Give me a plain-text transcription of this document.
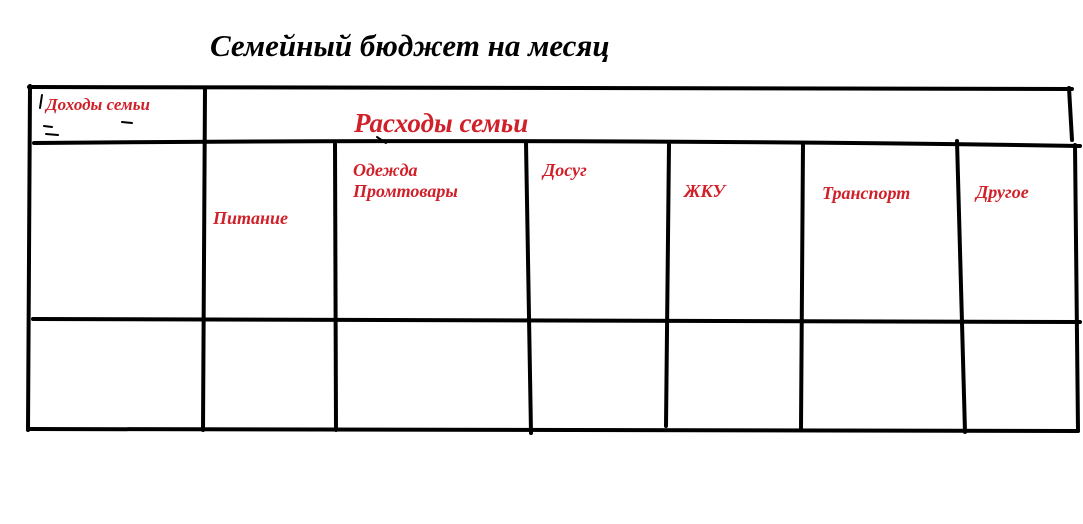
Семейный бюджет на месяц
Доходы семьи
Расходы семьи
Питание
Одежда
Промтовары
Досуг
ЖКУ	Транспорт	Другое
